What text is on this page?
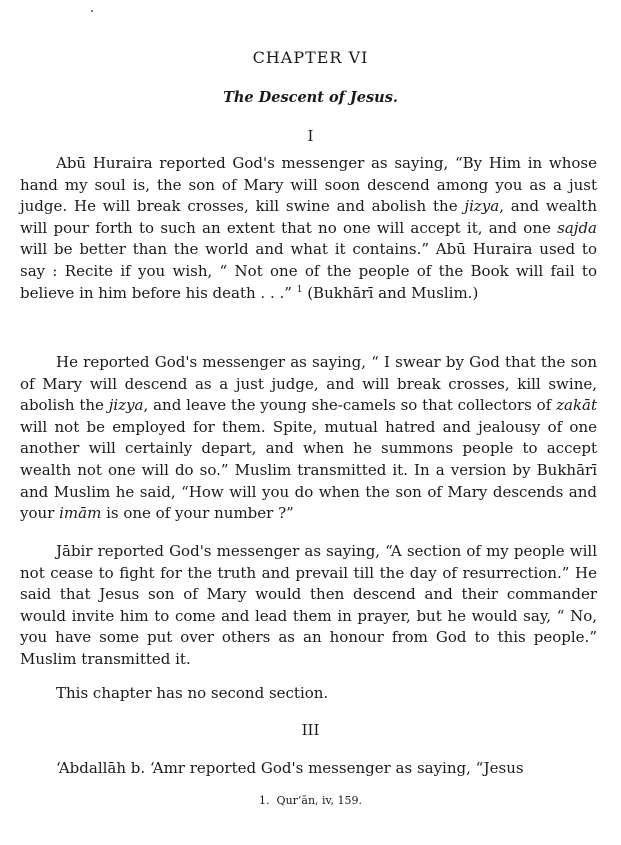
CHAPTER VI
The Descent of Jesus.
I

Abū Huraira reported God's messenger as saying, “By Him in whose hand my soul is, the son of Mary will soon descend among you as a just judge. He will break crosses, kill swine and abolish the jizya, and wealth will pour forth to such an extent that no one will accept it, and one sajda will be better than the world and what it contains.” Abū Huraira used to say : Recite if you wish, “ Not one of the people of the Book will fail to believe in him before his death . . .” $^1$ (Bukhārī and Muslim.)

He reported God's messenger as saying, “ I swear by God that the son of Mary will descend as a just judge, and will break crosses, kill swine, abolish the jizya, and leave the young she-camels so that collectors of zakāt will not be employed for them. Spite, mutual hatred and jealousy of one another will certainly depart, and when he summons people to accept wealth not one will do so.” Muslim transmitted it. In a version by Bukhārī and Muslim he said, “How will you do when the son of Mary descends and your imām is one of your number ?”

Jābir reported God's messenger as saying, “A section of my people will not cease to fight for the truth and prevail till the day of resurrection.” He said that Jesus son of Mary would then descend and their commander would invite him to come and lead them in prayer, but he would say, “ No, you have some put over others as an honour from God to this people.” Muslim transmitted it.

This chapter has no second section.

III

‘Abdallāh b. ‘Amr reported God's messenger as saying, “Jesus

1. Qur’ān, iv, 159.
